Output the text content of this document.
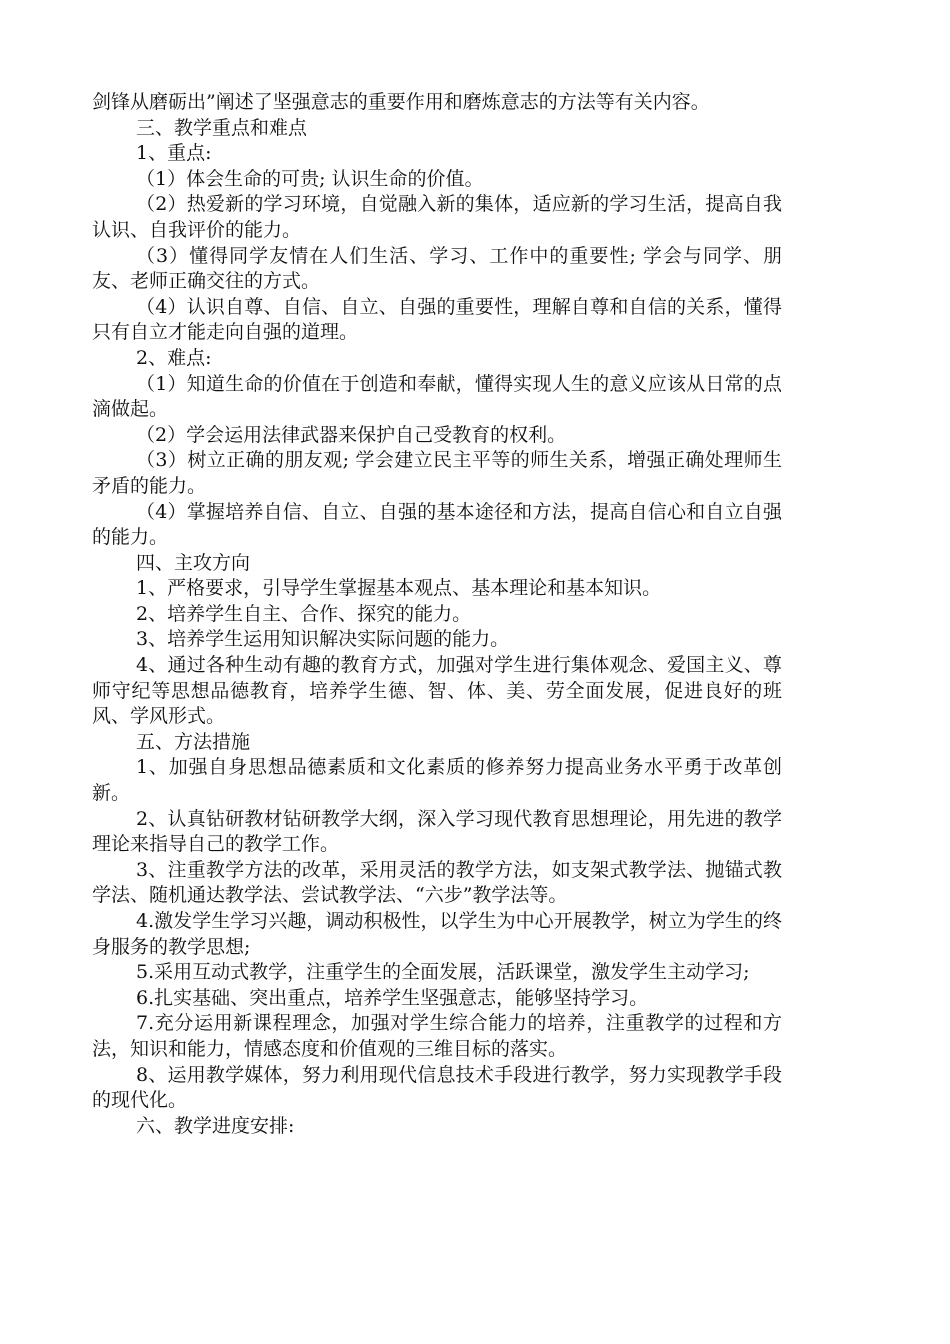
剑锋从磨砺出”阐述了坚强意志的重要作用和磨炼意志的方法等有关内容。

三、教学重点和难点

1、重点:

（1）体会生命的可贵; 认识生命的价值。

（2）热爱新的学习环境，自觉融入新的集体，适应新的学习生活，提高自我认识、自我评价的能力。

（3）懂得同学友情在人们生活、学习、工作中的重要性; 学会与同学、朋友、老师正确交往的方式。

（4）认识自尊、自信、自立、自强的重要性，理解自尊和自信的关系，懂得只有自立才能走向自强的道理。

2、难点:

（1）知道生命的价值在于创造和奉献，懂得实现人生的意义应该从日常的点滴做起。

（2）学会运用法律武器来保护自己受教育的权利。

（3）树立正确的朋友观; 学会建立民主平等的师生关系，增强正确处理师生矛盾的能力。

（4）掌握培养自信、自立、自强的基本途径和方法，提高自信心和自立自强的能力。

四、主攻方向

1、严格要求，引导学生掌握基本观点、基本理论和基本知识。

2、培养学生自主、合作、探究的能力。

3、培养学生运用知识解决实际问题的能力。

4、通过各种生动有趣的教育方式，加强对学生进行集体观念、爱国主义、尊师守纪等思想品德教育，培养学生德、智、体、美、劳全面发展，促进良好的班风、学风形式。

五、方法措施

1、加强自身思想品德素质和文化素质的修养努力提高业务水平勇于改革创新。

2、认真钻研教材钻研教学大纲，深入学习现代教育思想理论，用先进的教学理论来指导自己的教学工作。

3、注重教学方法的改革，采用灵活的教学方法，如支架式教学法、抛锚式教学法、随机通达教学法、尝试教学法、“六步”教学法等。

4.激发学生学习兴趣，调动积极性，以学生为中心开展教学，树立为学生的终身服务的教学思想;

5.采用互动式教学，注重学生的全面发展，活跃课堂，激发学生主动学习;

6.扎实基础、突出重点，培养学生坚强意志，能够坚持学习。

7.充分运用新课程理念，加强对学生综合能力的培养，注重教学的过程和方法，知识和能力，情感态度和价值观的三维目标的落实。

8、运用教学媒体，努力利用现代信息技术手段进行教学，努力实现教学手段的现代化。

六、教学进度安排:
